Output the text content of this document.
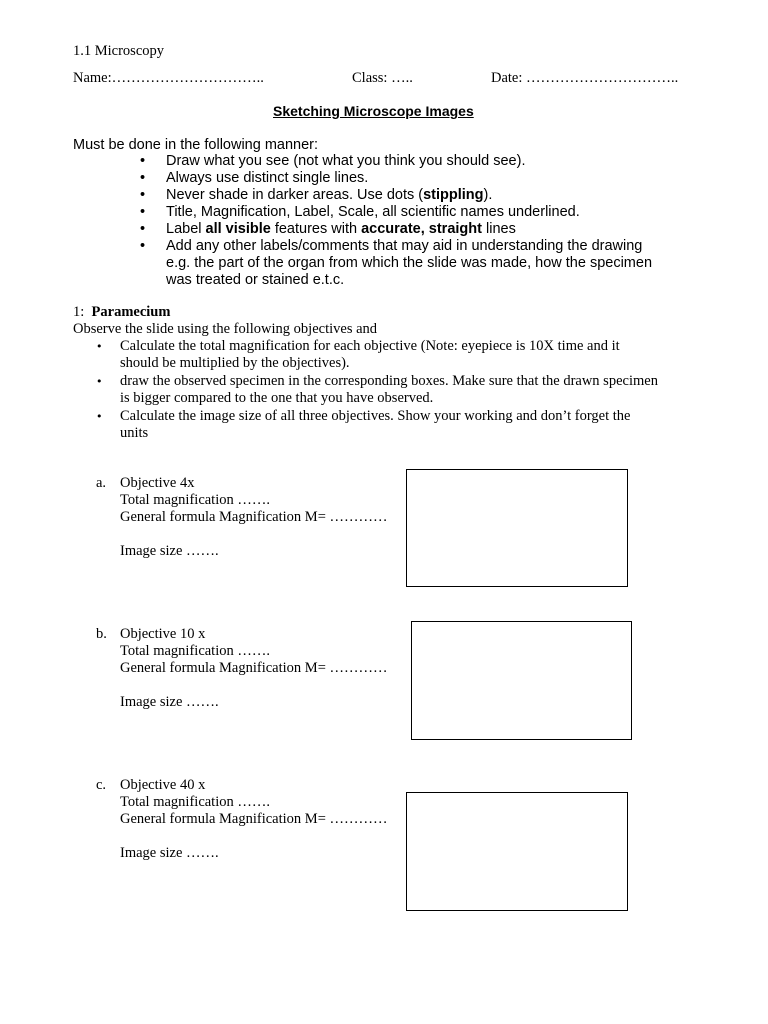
1.1 Microscopy
Name:…………………………..	Class: …..	Date: …………………………..
Sketching Microscope Images
Must be done in the following manner:
• Draw what you see (not what you think you should see).
• Always use distinct single lines.
• Never shade in darker areas. Use dots (stippling).
• Title, Magnification, Label, Scale, all scientific names underlined.
• Label all visible features with accurate, straight lines
• Add any other labels/comments that may aid in understanding the drawing
e.g. the part of the organ from which the slide was made, how the specimen
was treated or stained e.t.c.
1: Paramecium
Observe the slide using the following objectives and
• Calculate the total magnification for each objective (Note: eyepiece is 10X time and it
should be multiplied by the objectives).
• draw the observed specimen in the corresponding boxes. Make sure that the drawn specimen
is bigger compared to the one that you have observed.
• Calculate the image size of all three objectives. Show your working and don’t forget the
units
a. Objective 4x
Total magnification …….
General formula Magnification M= …………
Image size …….
b. Objective 10 x
Total magnification …….
General formula Magnification M= …………
Image size …….
c. Objective 40 x
Total magnification …….
General formula Magnification M= …………
Image size …….
